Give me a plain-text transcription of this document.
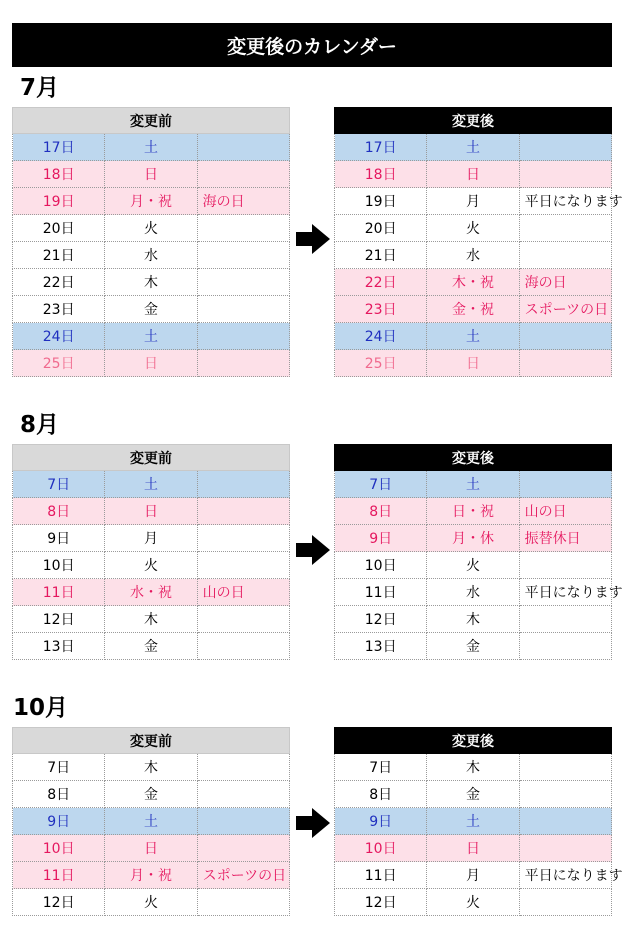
変更後のカレンダー
7月
変更前		
17日	土	
18日	日	
19日	月・祝	海の日
20日	火	
21日	水	
22日	木	
23日	金	
24日	土	
25日	日	
変更後		
17日	土	
18日	日	
19日	月	平日になります
20日	火	
21日	水	
22日	木・祝	海の日
23日	金・祝	スポーツの日
24日	土	
25日	日	
8月
変更前		
7日	土	
8日	日	
9日	月	
10日	火	
11日	水・祝	山の日
12日	木	
13日	金	
変更後		
7日	土	
8日	日・祝	山の日
9日	月・休	振替休日
10日	火	
11日	水	平日になります
12日	木	
13日	金	
10月
変更前		
7日	木	
8日	金	
9日	土	
10日	日	
11日	月・祝	スポーツの日
12日	火	
変更後		
7日	木	
8日	金	
9日	土	
10日	日	
11日	月	平日になります
12日	火	
